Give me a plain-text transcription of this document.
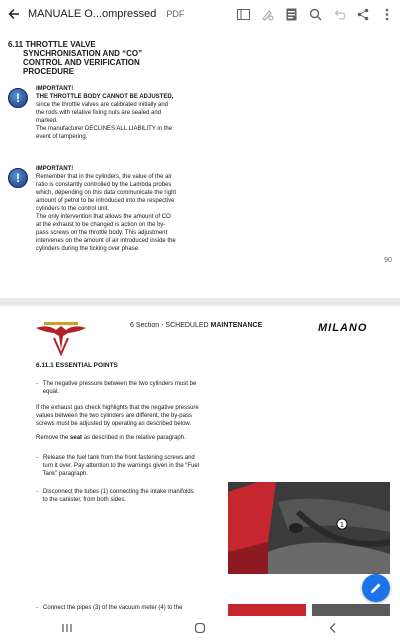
MANUALE O...ompressed PDF
6.11 THROTTLE VALVE
SYNCHRONISATION AND “CO”
CONTROL AND VERIFICATION
PROCEDURE
!
IMPORTANT!
THE THROTTLE BODY CANNOT BE ADJUSTED,
since the throttle valves are calibrated initially and
the rods with relative fixing nuts are sealed and
marked.
The manufacturer DECLINES ALL LIABILITY in the
event of tampering.
!
IMPORTANT!
Remember that in the cylinders, the value of the air
ratio is constantly controlled by the Lambda probes
which, depending on this data communicate the right
amount of petrol to be introduced into the respective
cylinders to the control unit.
The only intervention that allows the amount of CO
at the exhaust to be changed is action on the by-
pass screws on the throttle body. This adjustment
intervenes on the amount of air introduced inside the
cylinders during the ticking over phase.
90
6 Section - SCHEDULED MAINTENANCE	MILANO
6.11.1 ESSENTIAL POINTS
-   The negative pressure between the two cylinders must be
equal.
If the exhaust gas check highlights that the negative pressure
values between the two cylinders are different, the by-pass
screws must be adjusted by operating as described below.
Remove the seat as described in the relative paragraph.
-   Release the fuel tank from the front fastening screws and
turn it over. Pay attention to the warnings given in the “Fuel
Tank” paragraph.
-   Disconnect the tubes (1) connecting the intake manifolds
to the canister, from both sides.
1
-   Connect the pipes (3) of the vacuum meter (4) to the
